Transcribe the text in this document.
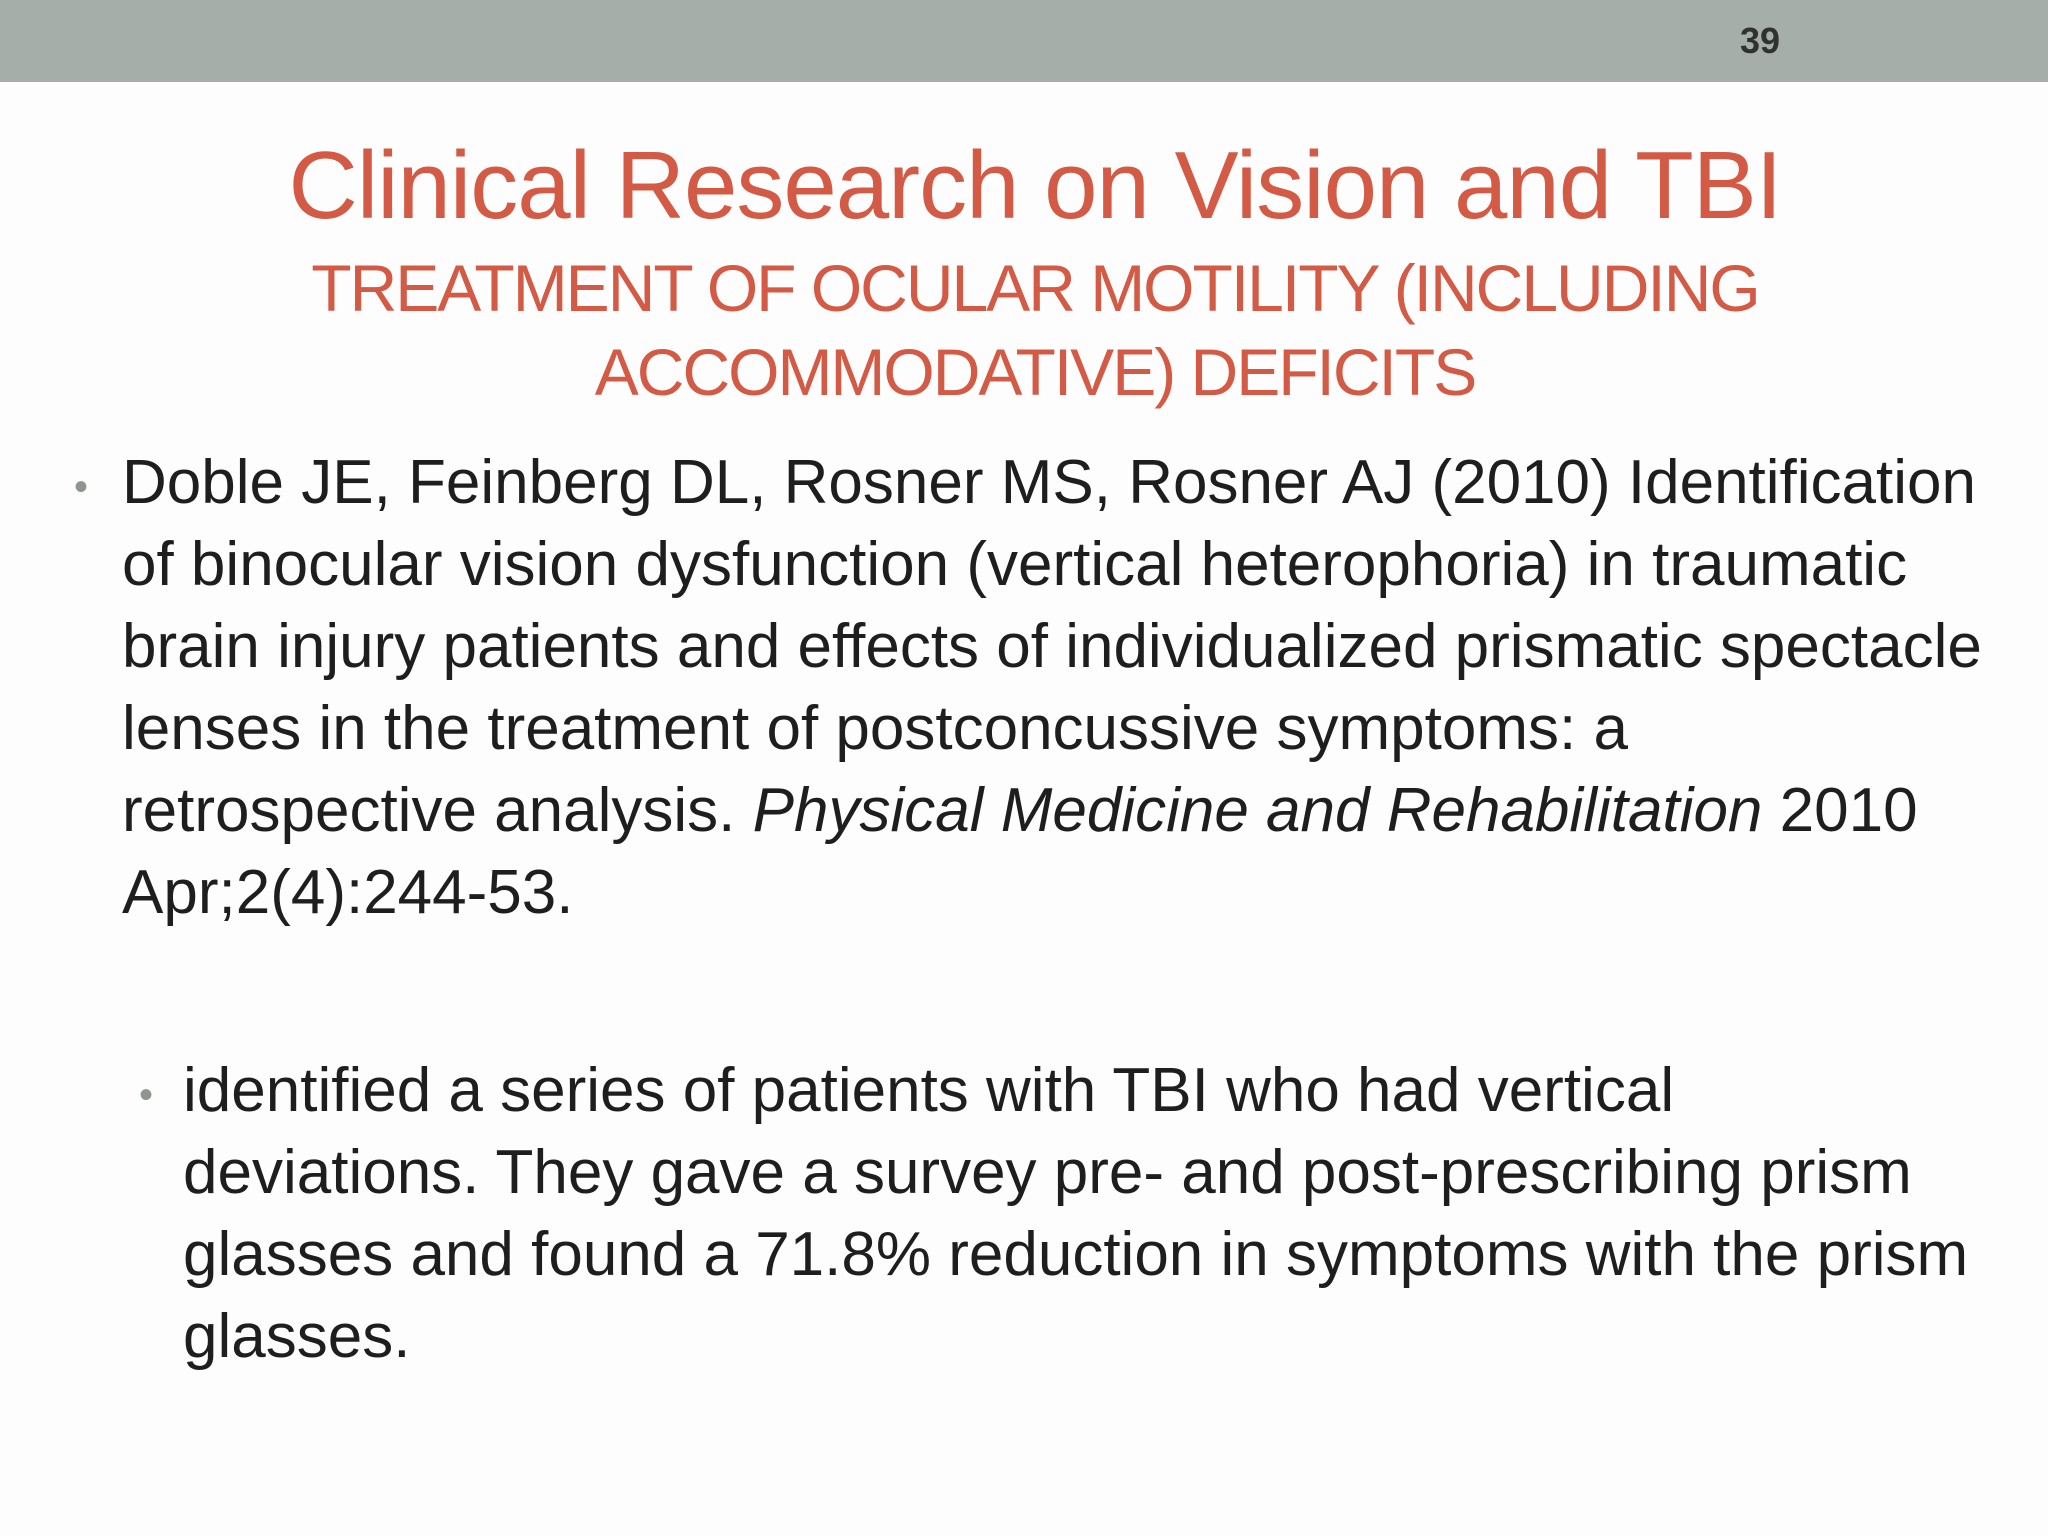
39
Clinical Research on Vision and TBI
TREATMENT OF OCULAR MOTILITY (INCLUDING ACCOMMODATIVE) DEFICITS
• Doble JE, Feinberg DL, Rosner MS, Rosner AJ (2010) Identification of binocular vision dysfunction (vertical heterophoria) in traumatic brain injury patients and effects of individualized prismatic spectacle lenses in the treatment of postconcussive symptoms: a retrospective analysis. Physical Medicine and Rehabilitation 2010 Apr;2(4):244-53.
• identified a series of patients with TBI who had vertical deviations. They gave a survey pre- and post-prescribing prism glasses and found a 71.8% reduction in symptoms with the prism glasses.
